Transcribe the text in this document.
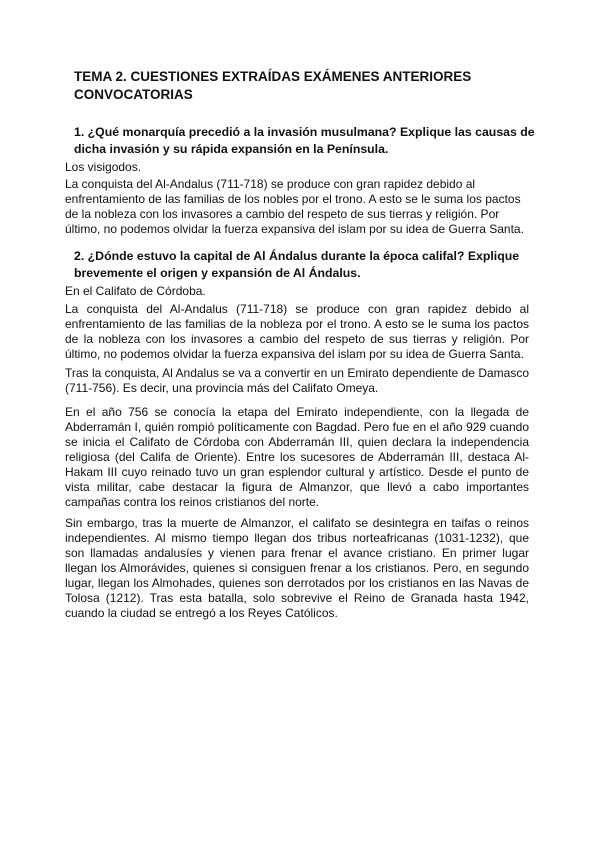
TEMA 2. CUESTIONES EXTRAÍDAS EXÁMENES ANTERIORES CONVOCATORIAS

1. ¿Qué monarquía precedió a la invasión musulmana? Explique las causas de dicha invasión y su rápida expansión en la Península.

Los visigodos.

La conquista del Al-Andalus (711-718) se produce con gran rapidez debido al enfrentamiento de las familias de los nobles por el trono. A esto se le suma los pactos de la nobleza con los invasores a cambio del respeto de sus tierras y religión. Por último, no podemos olvidar la fuerza expansiva del islam por su idea de Guerra Santa.

2. ¿Dónde estuvo la capital de Al Ándalus durante la época califal? Explique brevemente el origen y expansión de Al Ándalus.

En el Califato de Córdoba.

La conquista del Al-Andalus (711-718) se produce con gran rapidez debido al enfrentamiento de las familias de la nobleza por el trono. A esto se le suma los pactos de la nobleza con los invasores a cambio del respeto de sus tierras y religión. Por último, no podemos olvidar la fuerza expansiva del islam por su idea de Guerra Santa.

Tras la conquista, Al Andalus se va a convertir en un Emirato dependiente de Damasco (711-756). Es decir, una provincia más del Califato Omeya.

En el año 756 se conocía la etapa del Emirato independiente, con la llegada de Abderramán I, quién rompió políticamente con Bagdad. Pero fue en el año 929 cuando se inicia el Califato de Córdoba con Abderramán III, quien declara la independencia religiosa (del Califa de Oriente). Entre los sucesores de Abderramán III, destaca Al-Hakam III cuyo reinado tuvo un gran esplendor cultural y artístico. Desde el punto de vista militar, cabe destacar la figura de Almanzor, que llevó a cabo importantes campañas contra los reinos cristianos del norte.

Sin embargo, tras la muerte de Almanzor, el califato se desintegra en taifas o reinos independientes. Al mismo tiempo llegan dos tribus norteafricanas (1031-1232), que son llamadas andalusíes y vienen para frenar el avance cristiano. En primer lugar llegan los Almorávides, quienes si consiguen frenar a los cristianos. Pero, en segundo lugar, llegan los Almohades, quienes son derrotados por los cristianos en las Navas de Tolosa (1212). Tras esta batalla, solo sobrevive el Reino de Granada hasta 1942, cuando la ciudad se entregó a los Reyes Católicos.
